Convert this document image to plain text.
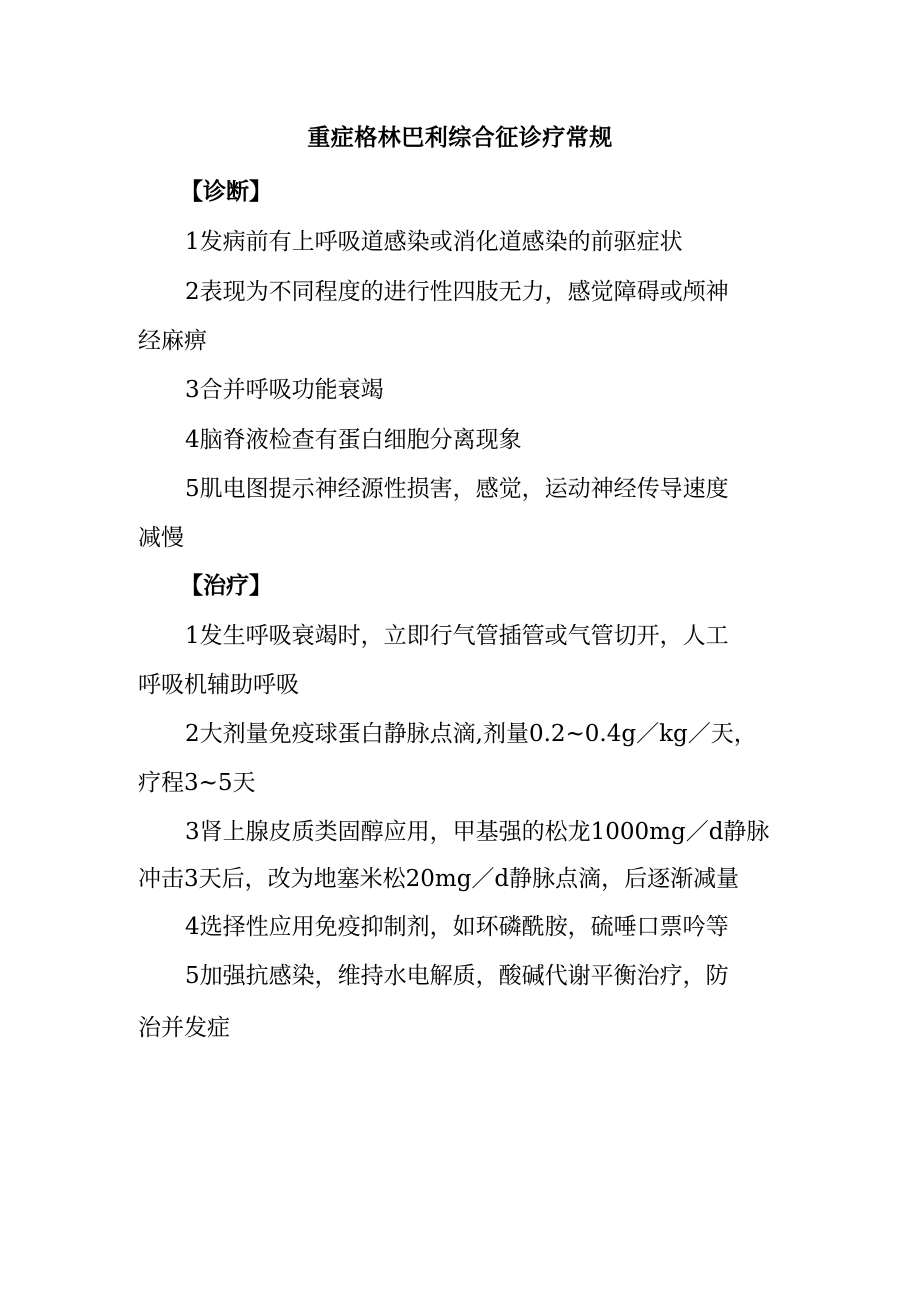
重症格林巴利综合征诊疗常规
【诊断】
1发病前有上呼吸道感染或消化道感染的前驱症状
2表现为不同程度的进行性四肢无力，感觉障碍或颅神
经麻痹
3合并呼吸功能衰竭
4脑脊液检查有蛋白细胞分离现象
5肌电图提示神经源性损害，感觉，运动神经传导速度
减慢
【治疗】
1发生呼吸衰竭时，立即行气管插管或气管切开，人工
呼吸机辅助呼吸
2大剂量免疫球蛋白静脉点滴,剂量0.2~0.4g／kg／天，
疗程3~5天
3肾上腺皮质类固醇应用，甲基强的松龙1000mg／d静脉
冲击3天后，改为地塞米松20mg／d静脉点滴，后逐渐减量
4选择性应用免疫抑制剂，如环磷酰胺，硫唾口票吟等
5加强抗感染，维持水电解质，酸碱代谢平衡治疗，防
治并发症
